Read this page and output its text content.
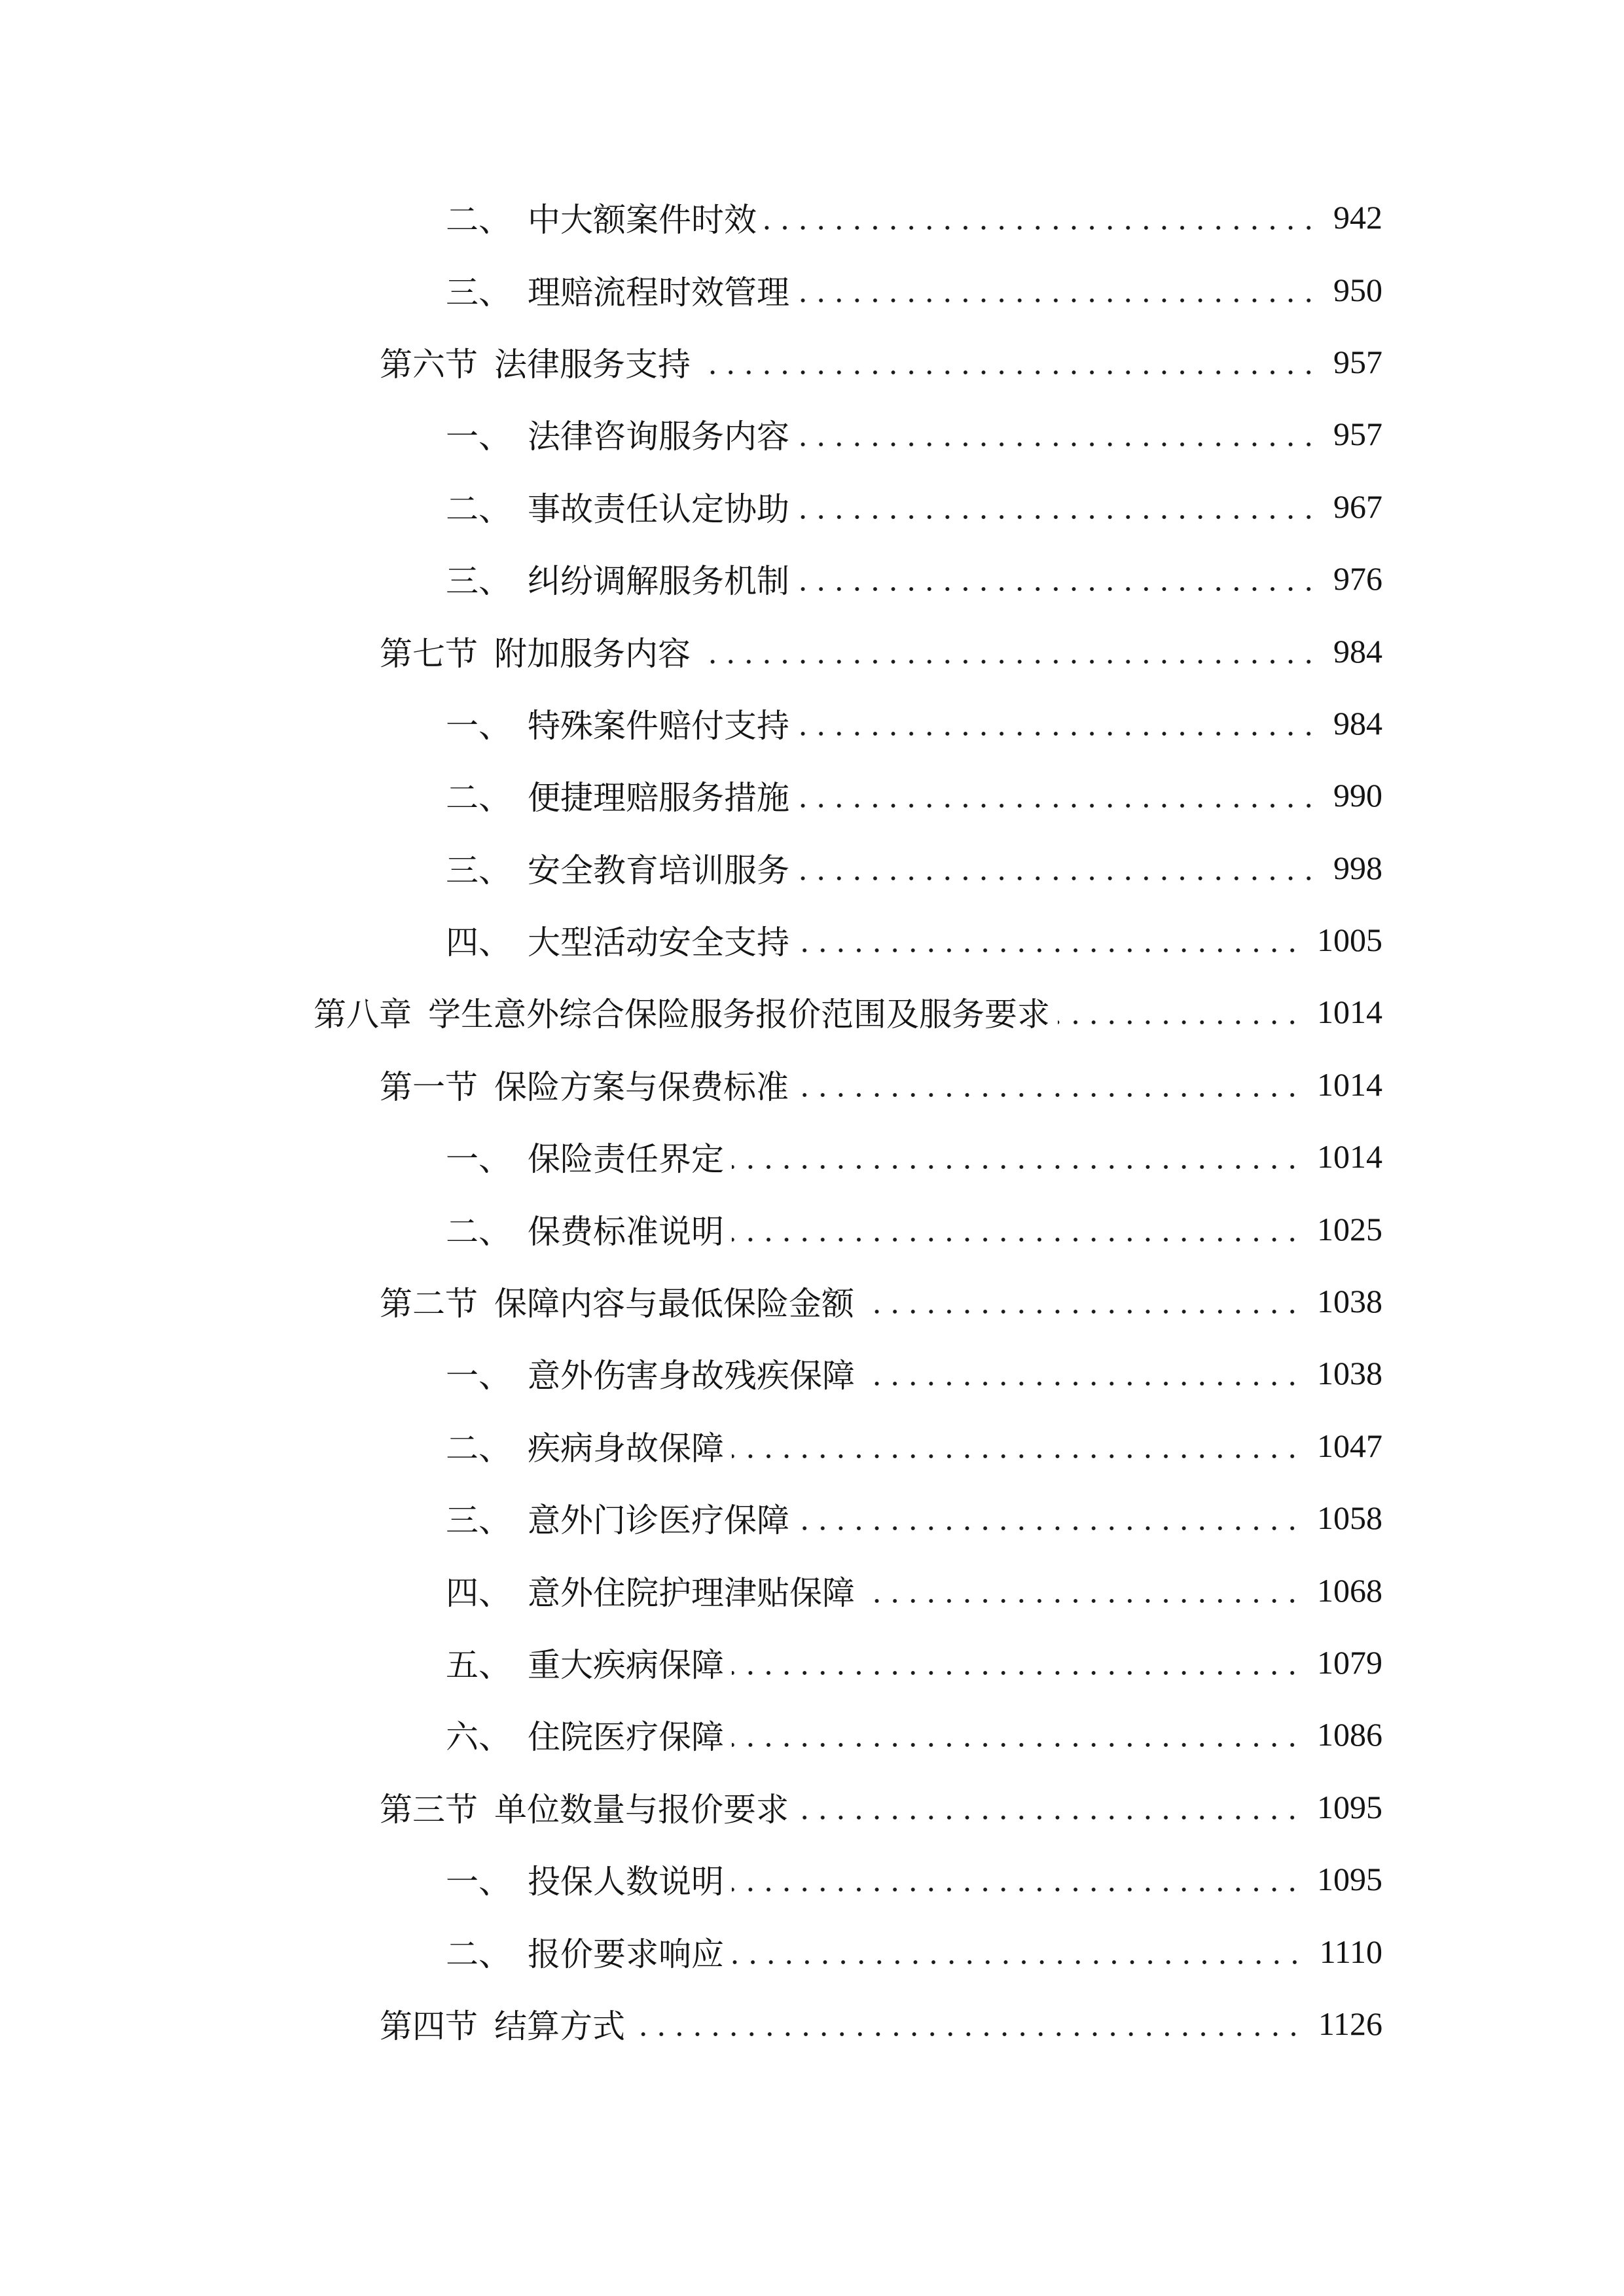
二、 中大额案件时效	942
三、 理赔流程时效管理	950
第六节 法律服务支持	957
一、 法律咨询服务内容	957
二、 事故责任认定协助	967
三、 纠纷调解服务机制	976
第七节 附加服务内容	984
一、 特殊案件赔付支持	984
二、 便捷理赔服务措施	990
三、 安全教育培训服务	998
四、 大型活动安全支持	1005
第八章 学生意外综合保险服务报价范围及服务要求	1014
第一节 保险方案与保费标准	1014
一、 保险责任界定	1014
二、 保费标准说明	1025
第二节 保障内容与最低保险金额	1038
一、 意外伤害身故残疾保障	1038
二、 疾病身故保障	1047
三、 意外门诊医疗保障	1058
四、 意外住院护理津贴保障	1068
五、 重大疾病保障	1079
六、 住院医疗保障	1086
第三节 单位数量与报价要求	1095
一、 投保人数说明	1095
二、 报价要求响应	1110
第四节 结算方式	1126
